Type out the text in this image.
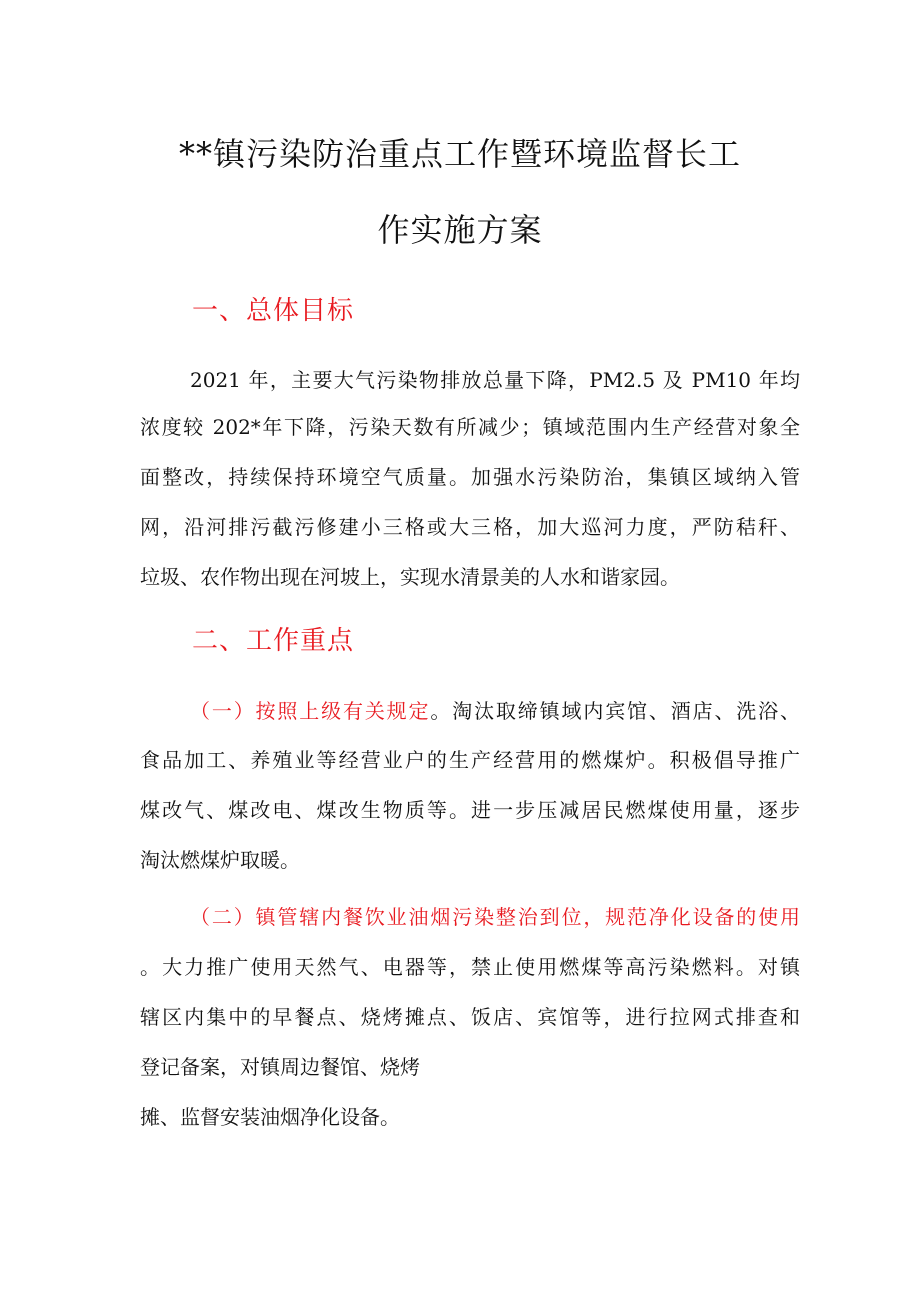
**镇污染防治重点工作暨环境监督长工
作实施方案
一、总体目标

2021 年，主要大气污染物排放总量下降，PM2.5 及 PM10 年均

浓度较 202*年下降，污染天数有所减少；镇域范围内生产经营对象全

面整改，持续保持环境空气质量。加强水污染防治，集镇区域纳入管

网，沿河排污截污修建小三格或大三格，加大巡河力度，严防秸秆、

垃圾、农作物出现在河坡上，实现水清景美的人水和谐家园。

二、工作重点

（一）按照上级有关规定。淘汰取缔镇域内宾馆、酒店、洗浴、

食品加工、养殖业等经营业户的生产经营用的燃煤炉。积极倡导推广

煤改气、煤改电、煤改生物质等。进一步压减居民燃煤使用量，逐步

淘汰燃煤炉取暖。

（二）镇管辖内餐饮业油烟污染整治到位，规范净化设备的使用

。大力推广使用天然气、电器等，禁止使用燃煤等高污染燃料。对镇

辖区内集中的早餐点、烧烤摊点、饭店、宾馆等，进行拉网式排查和

登记备案，对镇周边餐馆、烧烤

摊、监督安装油烟净化设备。
